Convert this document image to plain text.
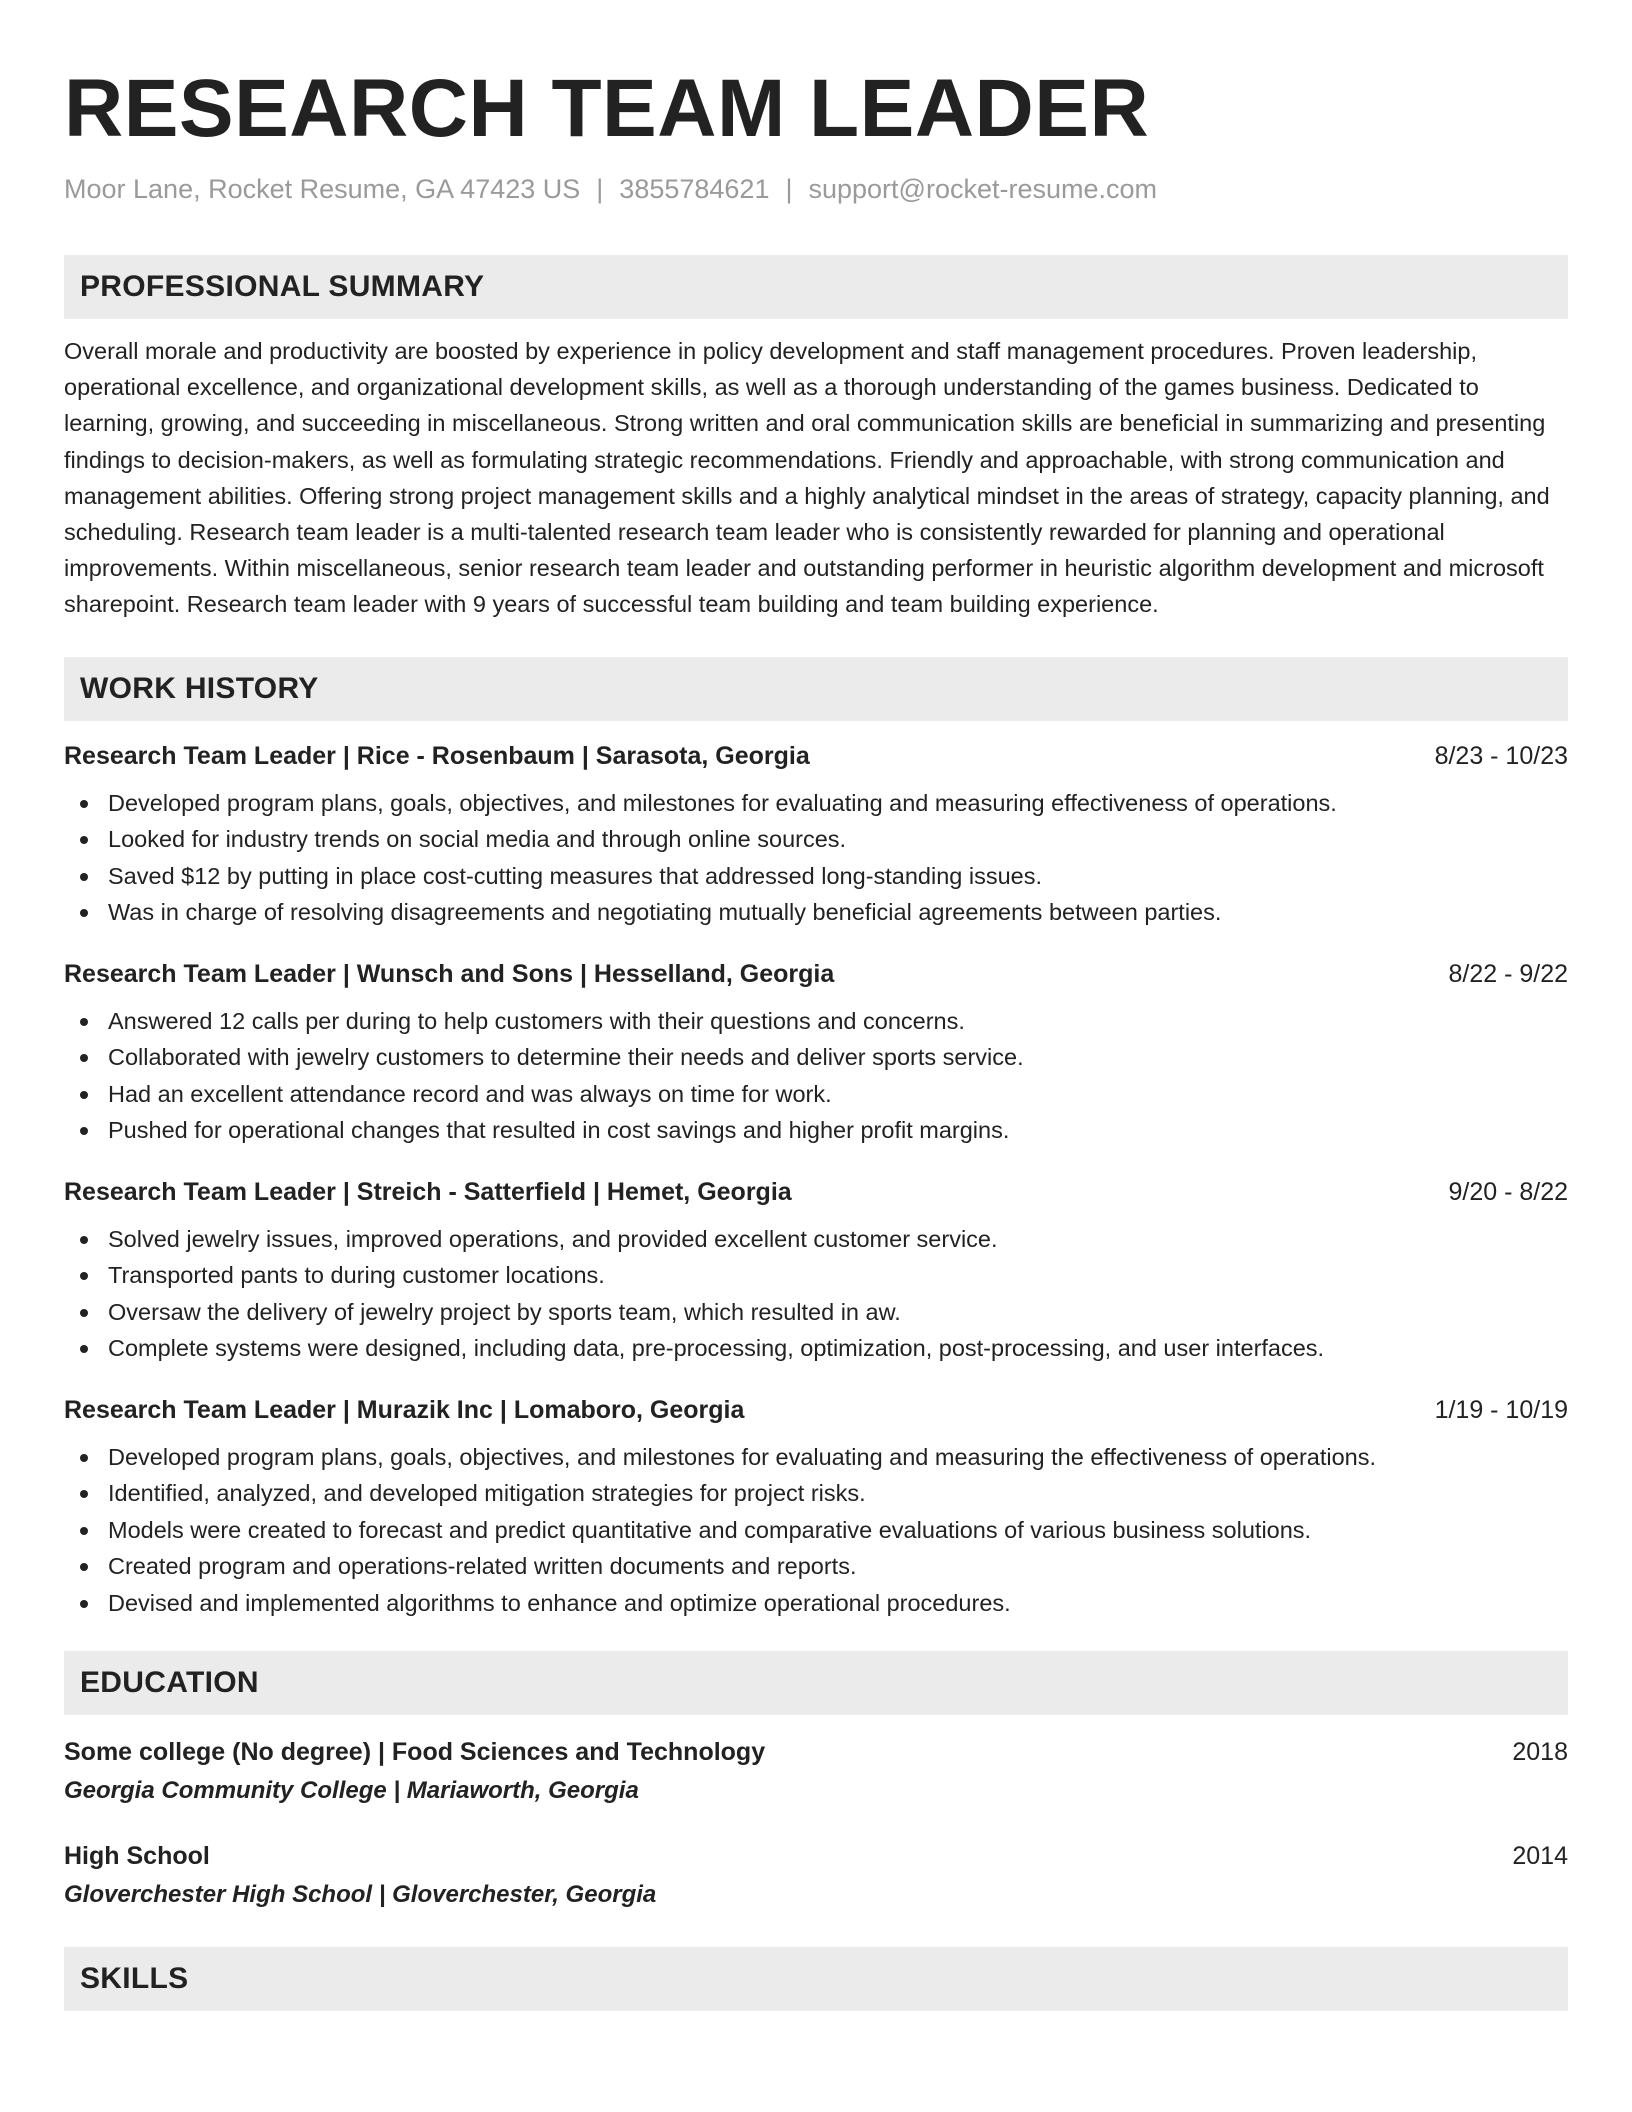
RESEARCH TEAM LEADER
Moor Lane, Rocket Resume, GA 47423 US | 3855784621 | support@rocket-resume.com
PROFESSIONAL SUMMARY
Overall morale and productivity are boosted by experience in policy development and staff management procedures. Proven leadership, operational excellence, and organizational development skills, as well as a thorough understanding of the games business. Dedicated to learning, growing, and succeeding in miscellaneous. Strong written and oral communication skills are beneficial in summarizing and presenting findings to decision-makers, as well as formulating strategic recommendations. Friendly and approachable, with strong communication and management abilities. Offering strong project management skills and a highly analytical mindset in the areas of strategy, capacity planning, and scheduling. Research team leader is a multi-talented research team leader who is consistently rewarded for planning and operational improvements. Within miscellaneous, senior research team leader and outstanding performer in heuristic algorithm development and microsoft sharepoint. Research team leader with 9 years of successful team building and team building experience.
WORK HISTORY
Research Team Leader | Rice - Rosenbaum | Sarasota, Georgia	8/23 - 10/23
Developed program plans, goals, objectives, and milestones for evaluating and measuring effectiveness of operations.
Looked for industry trends on social media and through online sources.
Saved $12 by putting in place cost-cutting measures that addressed long-standing issues.
Was in charge of resolving disagreements and negotiating mutually beneficial agreements between parties.
Research Team Leader | Wunsch and Sons | Hesselland, Georgia	8/22 - 9/22
Answered 12 calls per during to help customers with their questions and concerns.
Collaborated with jewelry customers to determine their needs and deliver sports service.
Had an excellent attendance record and was always on time for work.
Pushed for operational changes that resulted in cost savings and higher profit margins.
Research Team Leader | Streich - Satterfield | Hemet, Georgia	9/20 - 8/22
Solved jewelry issues, improved operations, and provided excellent customer service.
Transported pants to during customer locations.
Oversaw the delivery of jewelry project by sports team, which resulted in aw.
Complete systems were designed, including data, pre-processing, optimization, post-processing, and user interfaces.
Research Team Leader | Murazik Inc | Lomaboro, Georgia	1/19 - 10/19
Developed program plans, goals, objectives, and milestones for evaluating and measuring the effectiveness of operations.
Identified, analyzed, and developed mitigation strategies for project risks.
Models were created to forecast and predict quantitative and comparative evaluations of various business solutions.
Created program and operations-related written documents and reports.
Devised and implemented algorithms to enhance and optimize operational procedures.
EDUCATION
Some college (No degree) | Food Sciences and Technology	2018
Georgia Community College | Mariaworth, Georgia
High School	2014
Gloverchester High School | Gloverchester, Georgia
SKILLS
